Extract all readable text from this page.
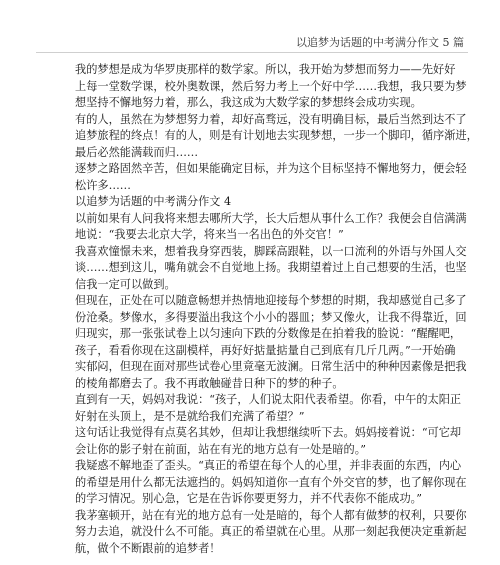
以追梦为话题的中考满分作文 5 篇
我的梦想是成为华罗庚那样的数学家。所以，我开始为梦想而努力——先好好
上每一堂数学课，校外奥数课，然后努力考上一个好中学……我想，我只要为梦
想坚持不懈地努力着，那么，我这成为大数学家的梦想终会成功实现。
有的人，虽然在为梦想努力着，却好高骛远，没有明确目标，最后当然到达不了
追梦旅程的终点！有的人，则是有计划地去实现梦想，一步一个脚印，循序渐进，
最后必然能满载而归……
逐梦之路固然辛苦，但如果能确定目标，并为这个目标坚持不懈地努力，便会轻
松许多……
以追梦为话题的中考满分作文 4
以前如果有人问我将来想去哪所大学，长大后想从事什么工作？我便会自信满满
地说：“我要去北京大学，将来当一名出色的外交官！”
我喜欢憧憬未来，想着我身穿西装，脚踩高跟鞋，以一口流利的外语与外国人交
谈……想到这儿，嘴角就会不自觉地上扬。我期望着过上自己想要的生活，也坚
信我一定可以做到。
但现在，正处在可以随意畅想并热情地迎接每个梦想的时期，我却感觉自己多了
份沧桑。梦像水，多得要溢出我这个小小的器皿；梦又像火，让我不得靠近，回
归现实，那一张张试卷上以匀速向下跌的分数像是在拍着我的脸说：“醒醒吧，
孩子，看看你现在这副模样，再好好掂量掂量自己到底有几斤几两。”一开始确
实郁闷，但现在面对那些试卷心里竟毫无波澜。日常生活中的种种因素像是把我
的棱角都磨去了。我不再敢触碰昔日种下的梦的种子。
直到有一天，妈妈对我说：“孩子，人们说太阳代表希望。你看，中午的太阳正
好射在头顶上，是不是就给我们充满了希望？”
这句话让我觉得有点莫名其妙，但却让我想继续听下去。妈妈接着说：“可它却
会让你的影子射在前面，站在有光的地方总有一处是暗的。”
我疑惑不解地歪了歪头。“真正的希望在每个人的心里，并非表面的东西，内心
的希望是用什么都无法遮挡的。妈妈知道你一直有个外交官的梦，也了解你现在
的学习情况。别心急，它是在告诉你要更努力，并不代表你不能成功。”
我茅塞顿开，站在有光的地方总有一处是暗的，每个人都有做梦的权利，只要你
努力去追，就没什么不可能。真正的希望就在心里。从那一刻起我便决定重新起
航，做个不断跟前的追梦者！
